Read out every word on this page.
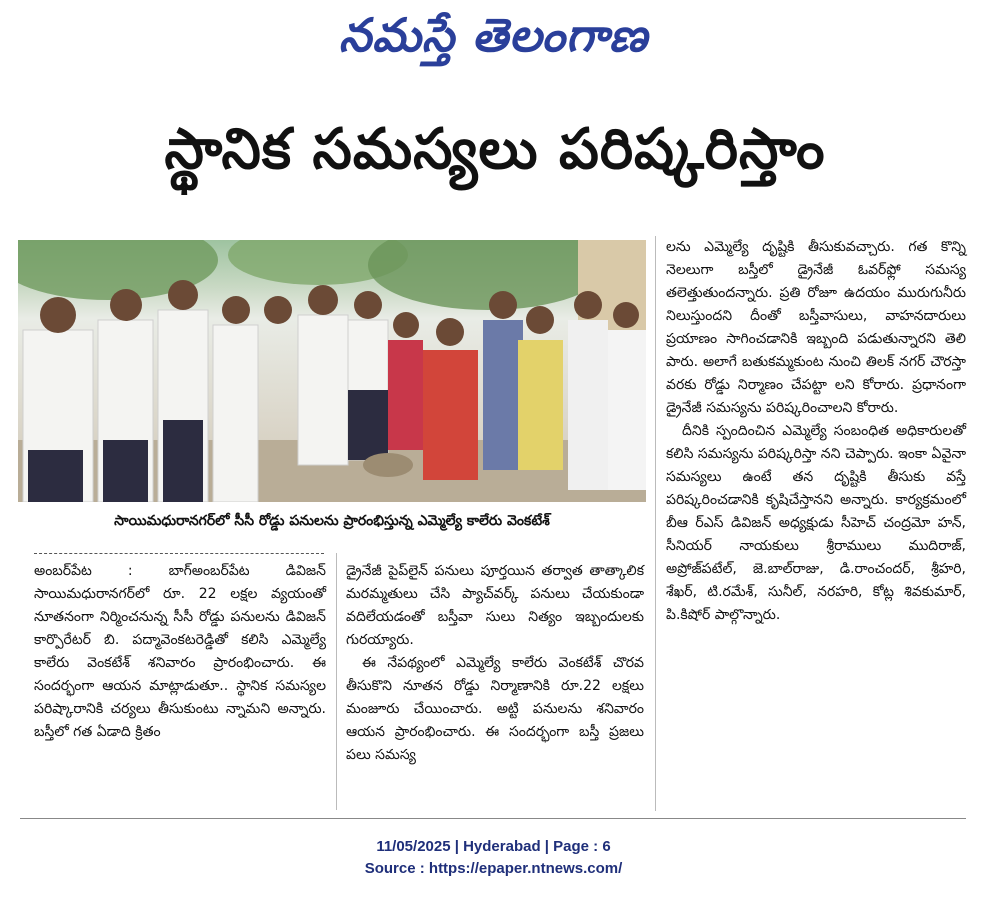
నమస్తే తెలంగాణ
స్థానిక సమస్యలు పరిష్కరిస్తాం
సాయిమధురానగర్‌లో సీసీ రోడ్డు పనులను ప్రారంభిస్తున్న ఎమ్మెల్యే కాలేరు వెంకటేశ్

అంబర్‌పేట : బాగ్‌అంబర్‌పేట డివిజన్ సాయిమధురానగర్‌లో రూ. 22 లక్షల వ్యయంతో నూతనంగా నిర్మించనున్న సీసీ రోడ్డు పనులను డివిజన్ కార్పొరేటర్ బి. పద్మావెంకటరెడ్డితో కలిసి ఎమ్మెల్యే కాలేరు వెంకటేశ్ శనివారం ప్రారంభించారు. ఈ సందర్భంగా ఆయన మాట్లాడుతూ.. స్థానిక సమస్యల పరిష్కారానికి చర్యలు తీసుకుంటు న్నామని అన్నారు. బస్తీలో గత ఏడాది క్రితం

డ్రైనేజీ పైప్‌లైన్ పనులు పూర్తయిన తర్వాత తాత్కాలిక మరమ్మతులు చేసి ప్యాచ్‌వర్క్ పనులు చేయకుండా వదిలేయడంతో బస్తీవా సులు నిత్యం ఇబ్బందులకు గురయ్యారు.

ఈ నేపథ్యంలో ఎమ్మెల్యే కాలేరు వెంకటేశ్ చొరవ తీసుకొని నూతన రోడ్డు నిర్మాణానికి రూ.22 లక్షలు మంజూరు చేయించారు. అట్టి పనులను శనివారం ఆయన ప్రారంభించారు. ఈ సందర్భంగా బస్తీ ప్రజలు పలు సమస్య

లను ఎమ్మెల్యే దృష్టికి తీసుకువచ్చారు. గత కొన్ని నెలలుగా బస్తీలో డ్రైనేజీ ఓవర్‌ఫ్లో సమస్య తలెత్తుతుందన్నారు. ప్రతి రోజూ ఉదయం మురుగునీరు నిలుస్తుందని దీంతో బస్తీవాసులు, వాహనదారులు ప్రయాణం సాగించడానికి ఇబ్బంది పడుతున్నారని తెలి పారు. అలాగే బతుకమ్మకుంట నుంచి తిలక్ నగర్ చౌరస్తా వరకు రోడ్డు నిర్మాణం చేపట్టా లని కోరారు. ప్రధానంగా డ్రైనేజీ సమస్యను పరిష్కరించాలని కోరారు.

దీనికి స్పందించిన ఎమ్మెల్యే సంబంధిత అధికారులతో కలిసి సమస్యను పరిష్కరిస్తా నని చెప్పారు. ఇంకా ఏవైనా సమస్యలు ఉంటే తన దృష్టికి తీసుకు వస్తే పరిష్కరించడానికి కృషిచేస్తానని అన్నారు. కార్యక్రమంలో బీఆ ర్ఎస్ డివిజన్ అధ్యక్షుడు సీహెచ్ చంద్రమో హన్, సీనియర్ నాయకులు శ్రీరాములు ముదిరాజ్, అప్రోజ్‌పటేల్, జె.బాల్‌రాజు, డి.రాంచందర్, శ్రీహరి, శేఖర్, టి.రమేశ్, సునీల్, నరహరి, కోట్ల శివకుమార్, పి.కిషోర్ పాల్గొన్నారు.

11/05/2025 | Hyderabad | Page : 6
Source : https://epaper.ntnews.com/
